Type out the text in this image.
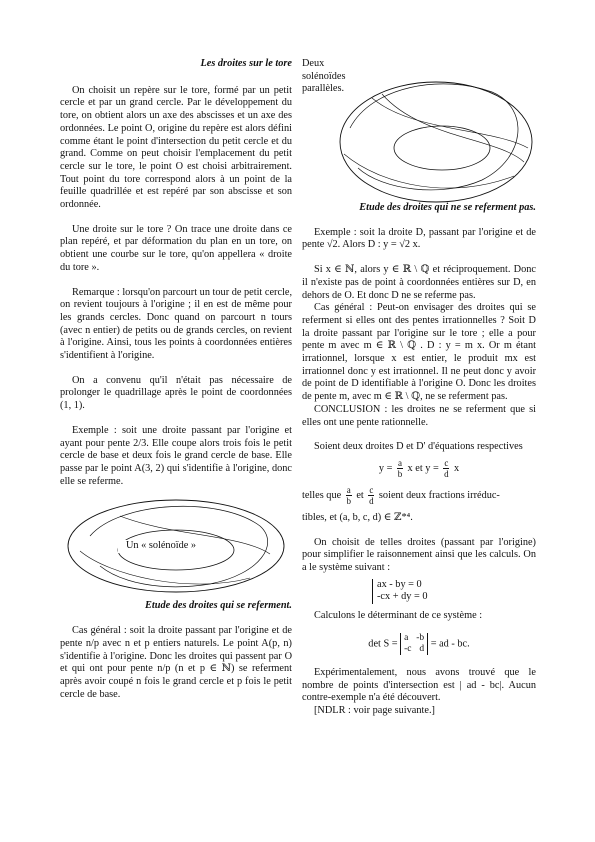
Les droites sur le tore

On choisit un repère sur le tore, formé par un petit cercle et par un grand cercle. Par le développement du tore, on obtient alors un axe des abscisses et un axe des ordonnées. Le point O, origine du repère est alors défini comme étant le point d'intersection du petit cercle et du grand. Comme on peut choisir l'emplacement du petit cercle sur le tore, le point O est choisi arbitrairement. Tout point du tore correspond alors à un point de la feuille quadrillée et est repéré par son abscisse et son ordonnée.

Une droite sur le tore ? On trace une droite dans ce plan repéré, et par déformation du plan en un tore, on obtient une courbe sur le tore, qu'on appellera « droite du tore ».

Remarque : lorsqu'on parcourt un tour de petit cercle, on revient toujours à l'origine ; il en est de même pour les grands cercles. Donc quand on parcourt n tours (avec n entier) de petits ou de grands cercles, on revient à l'origine. Ainsi, tous les points à coordonnées entières s'identifient à l'origine.

On a convenu qu'il n'était pas nécessaire de prolonger le quadrillage après le point de coordonnées (1, 1).

Exemple : soit une droite passant par l'origine et ayant pour pente 2/3. Elle coupe alors trois fois le petit cercle de base et deux fois le grand cercle de base. Elle passe par le point A(3, 2) qui s'identifie à l'origine, donc elle se referme.

Un « solénoïde »

Etude des droites qui se referment.

Cas général : soit la droite passant par l'origine et de pente n/p avec n et p entiers naturels. Le point A(p, n) s'identifie à l'origine. Donc les droites qui passent par O et qui ont pour pente n/p (n et p ∈ ℕ) se referment après avoir coupé n fois le grand cercle et p fois le petit cercle de base.

Deux solénoïdes parallèles.

Etude des droites qui ne se referment pas.

Exemple : soit la droite D, passant par l'origine et de pente √2. Alors D : y = √2 x.

Si x ∈ ℕ, alors y ∈ ℝ \ ℚ et réciproquement. Donc il n'existe pas de point à coordonnées entières sur D, en dehors de O. Et donc D ne se referme pas.

Cas général : Peut-on envisager des droites qui se referment si elles ont des pentes irrationnelles ? Soit D la droite passant par l'origine sur le tore ; elle a pour pente m avec m ∈ ℝ \ ℚ . D : y = m x. Or m étant irrationnel, lorsque x est entier, le produit mx est irrationnel donc y est irrationnel. Il ne peut donc y avoir de point de D identifiable à l'origine O. Donc les droites de pente m, avec m ∈ ℝ \ ℚ, ne se referment pas.

CONCLUSION : les droites ne se referment que si elles ont une pente rationnelle.

Soient deux droites D et D' d'équations respectives

$y = \frac{a}{b}$ x et $y = \frac{c}{d}$ x

telles que $\frac{a}{b}$ et $\frac{c}{d}$ soient deux fractions irréduc-

tibles, et (a, b, c, d) ∈ ℤ*⁴.

On choisit de telles droites (passant par l'origine) pour simplifier le raisonnement ainsi que les calculs. On a le système suivant :

ax - by = 0
-cx + dy = 0

Calculons le déterminant de ce système :

det S =
a -b
-c d = ad - bc.

Expérimentalement, nous avons trouvé que le nombre de points d'intersection est | ad - bc|. Aucun contre-exemple n'a été découvert.

[NDLR : voir page suivante.]
